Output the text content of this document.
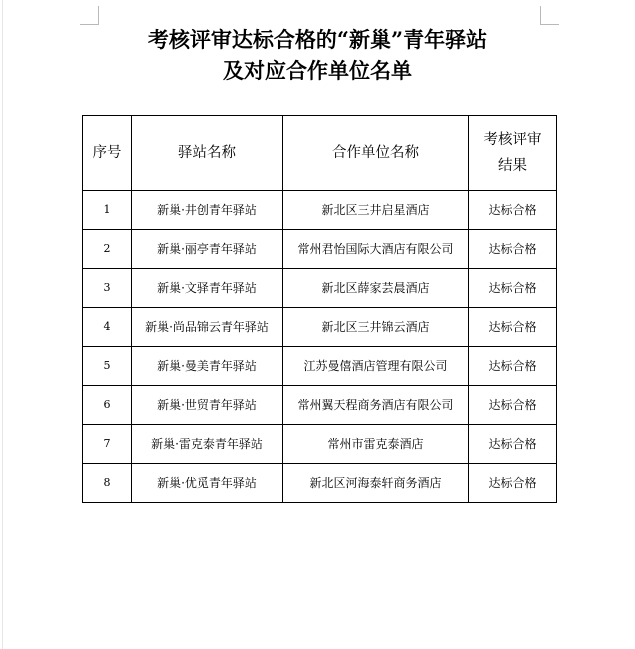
考核评审达标合格的“新巢”青年驿站
及对应合作单位名单
序号	驿站名称	合作单位名称	考核评审
结果
1	新巢·井创青年驿站	新北区三井启星酒店	达标合格
2	新巢·丽亭青年驿站	常州君怡国际大酒店有限公司	达标合格
3	新巢·文驿青年驿站	新北区薛家芸晨酒店	达标合格
4	新巢·尚品锦云青年驿站	新北区三井锦云酒店	达标合格
5	新巢·曼美青年驿站	江苏曼僖酒店管理有限公司	达标合格
6	新巢·世贸青年驿站	常州翼天程商务酒店有限公司	达标合格
7	新巢·雷克泰青年驿站	常州市雷克泰酒店	达标合格
8	新巢·优觅青年驿站	新北区河海泰轩商务酒店	达标合格
